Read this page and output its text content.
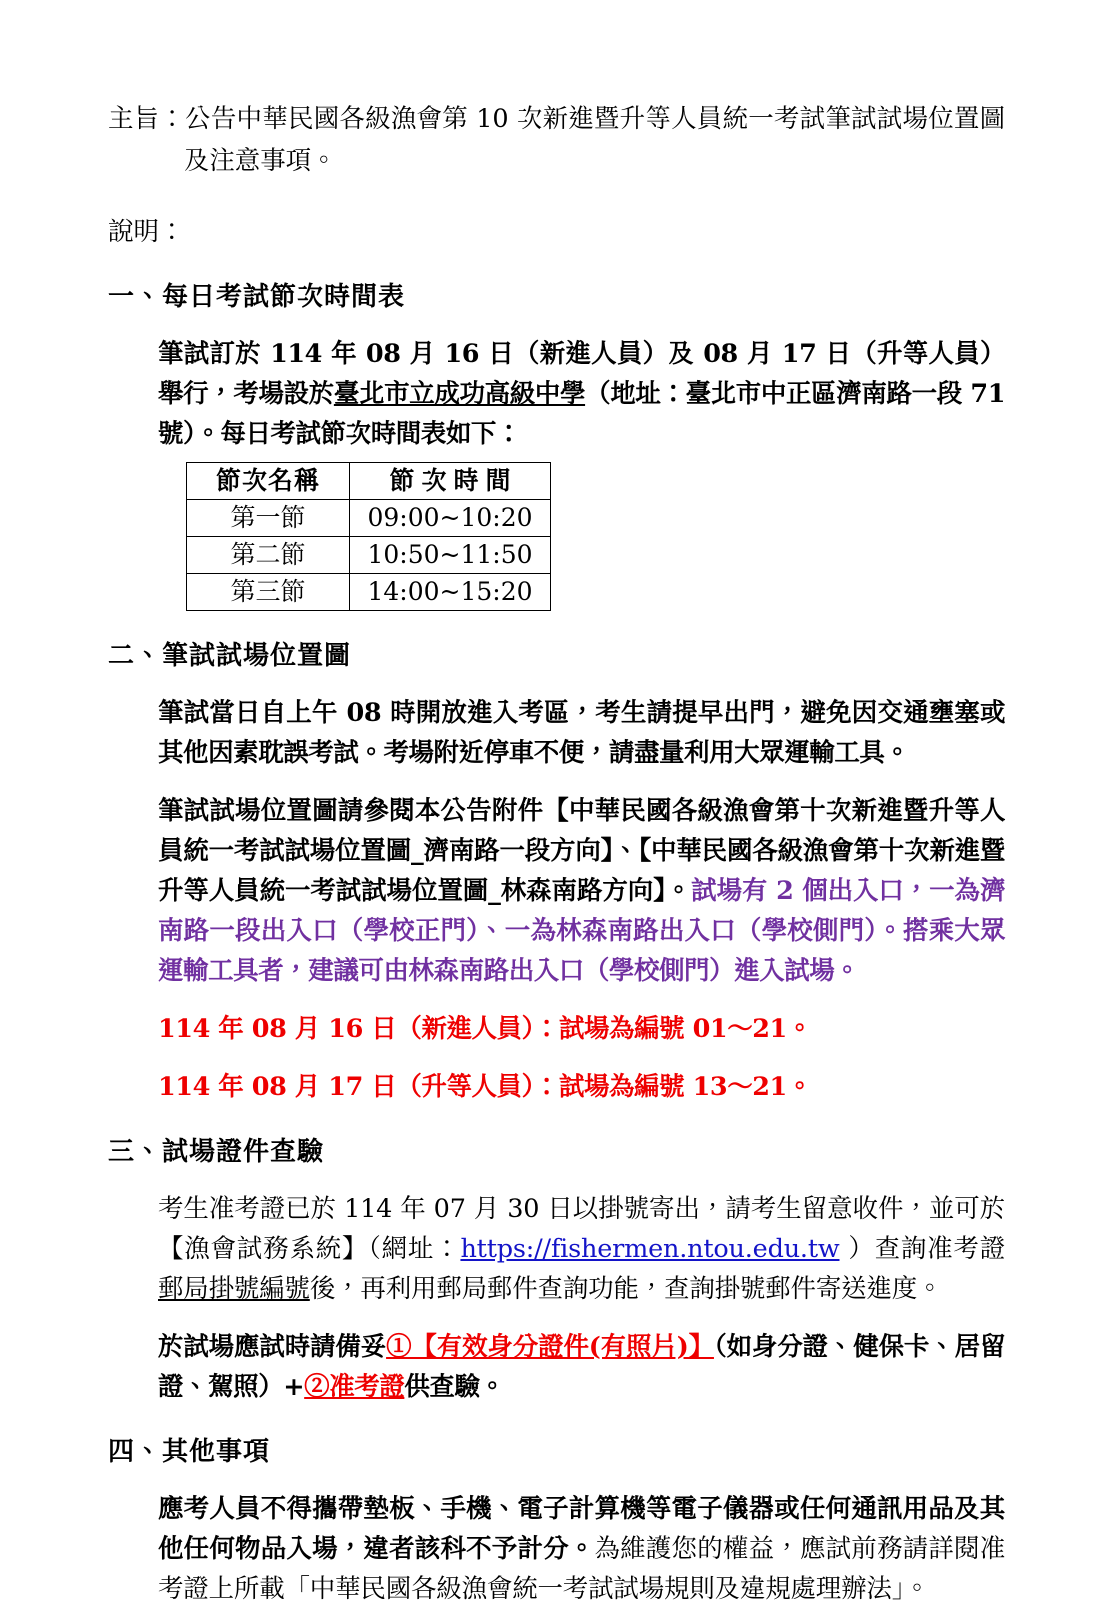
主旨：公告中華民國各級漁會第 10 次新進暨升等人員統一考試筆試試場位置圖及注意事項。

說明：

一、每日考試節次時間表

筆試訂於 114 年 08 月 16 日（新進人員）及 08 月 17 日（升等人員）舉行，考場設於臺北市立成功高級中學（地址：臺北市中正區濟南路一段 71 號）。每日考試節次時間表如下：

節次名稱	節次時間
第一節	09:00~10:20
第二節	10:50~11:50
第三節	14:00~15:20

二、筆試試場位置圖

筆試當日自上午 08 時開放進入考區，考生請提早出門，避免因交通壅塞或其他因素耽誤考試。考場附近停車不便，請盡量利用大眾運輸工具。

筆試試場位置圖請參閱本公告附件【中華民國各級漁會第十次新進暨升等人員統一考試試場位置圖_濟南路一段方向】、【中華民國各級漁會第十次新進暨升等人員統一考試試場位置圖_林森南路方向】。試場有 2 個出入口，一為濟南路一段出入口（學校正門）、一為林森南路出入口（學校側門）。搭乘大眾運輸工具者，建議可由林森南路出入口（學校側門）進入試場。

114 年 08 月 16 日（新進人員）：試場為編號 01～21。

114 年 08 月 17 日（升等人員）：試場為編號 13～21。

三、試場證件查驗

考生准考證已於 114 年 07 月 30 日以掛號寄出，請考生留意收件，並可於【漁會試務系統】（網址：https://fishermen.ntou.edu.tw ）查詢准考證郵局掛號編號後，再利用郵局郵件查詢功能，查詢掛號郵件寄送進度。

於試場應試時請備妥①【有效身分證件(有照片)】（如身分證、健保卡、居留證、駕照）+②准考證供查驗。

四、其他事項

應考人員不得攜帶墊板、手機、電子計算機等電子儀器或任何通訊用品及其他任何物品入場，違者該科不予計分。為維護您的權益，應試前務請詳閱准考證上所載「中華民國各級漁會統一考試試場規則及違規處理辦法」。
